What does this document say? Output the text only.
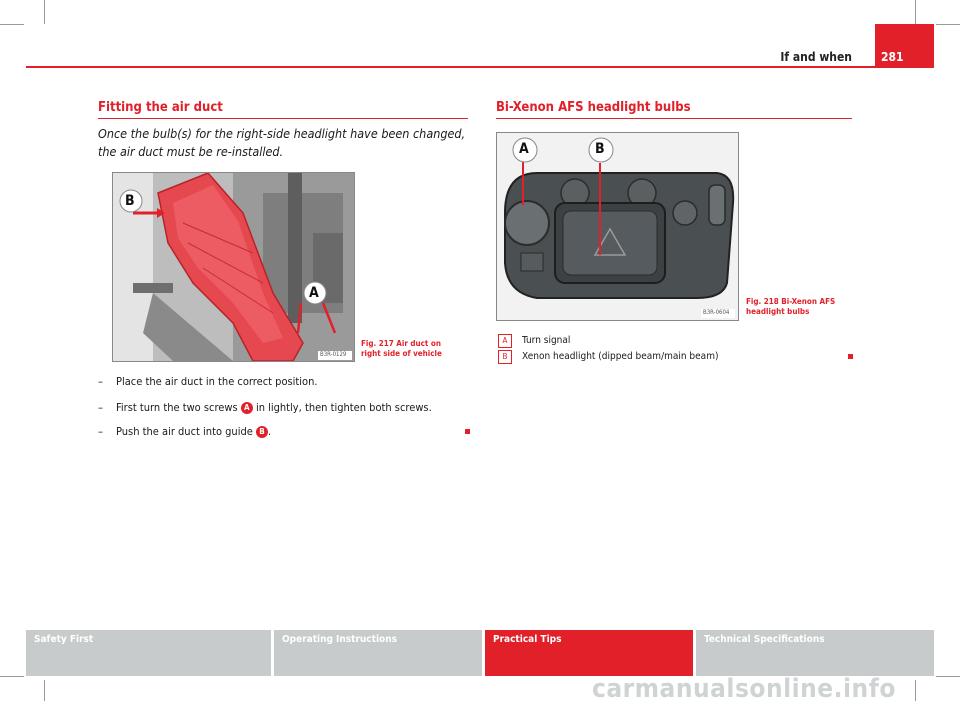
If and when 281
Fitting the air duct
Once the bulb(s) for the right-side headlight have been changed, the air duct must be re-installed.
B
A
B3R-0129
Fig. 217 Air duct on
right side of vehicle
– Place the air duct in the correct position.
– First turn the two screws A in lightly, then tighten both screws.
– Push the air duct into guide B .
Bi-Xenon AFS headlight bulbs
A	B
B3R-0604
Fig. 218 Bi-Xenon AFS
headlight bulbs
A Turn signal
B Xenon headlight (dipped beam/main beam)
Safety First	Operating Instructions	Practical Tips	Technical Specifications
carmanualsonline.info
